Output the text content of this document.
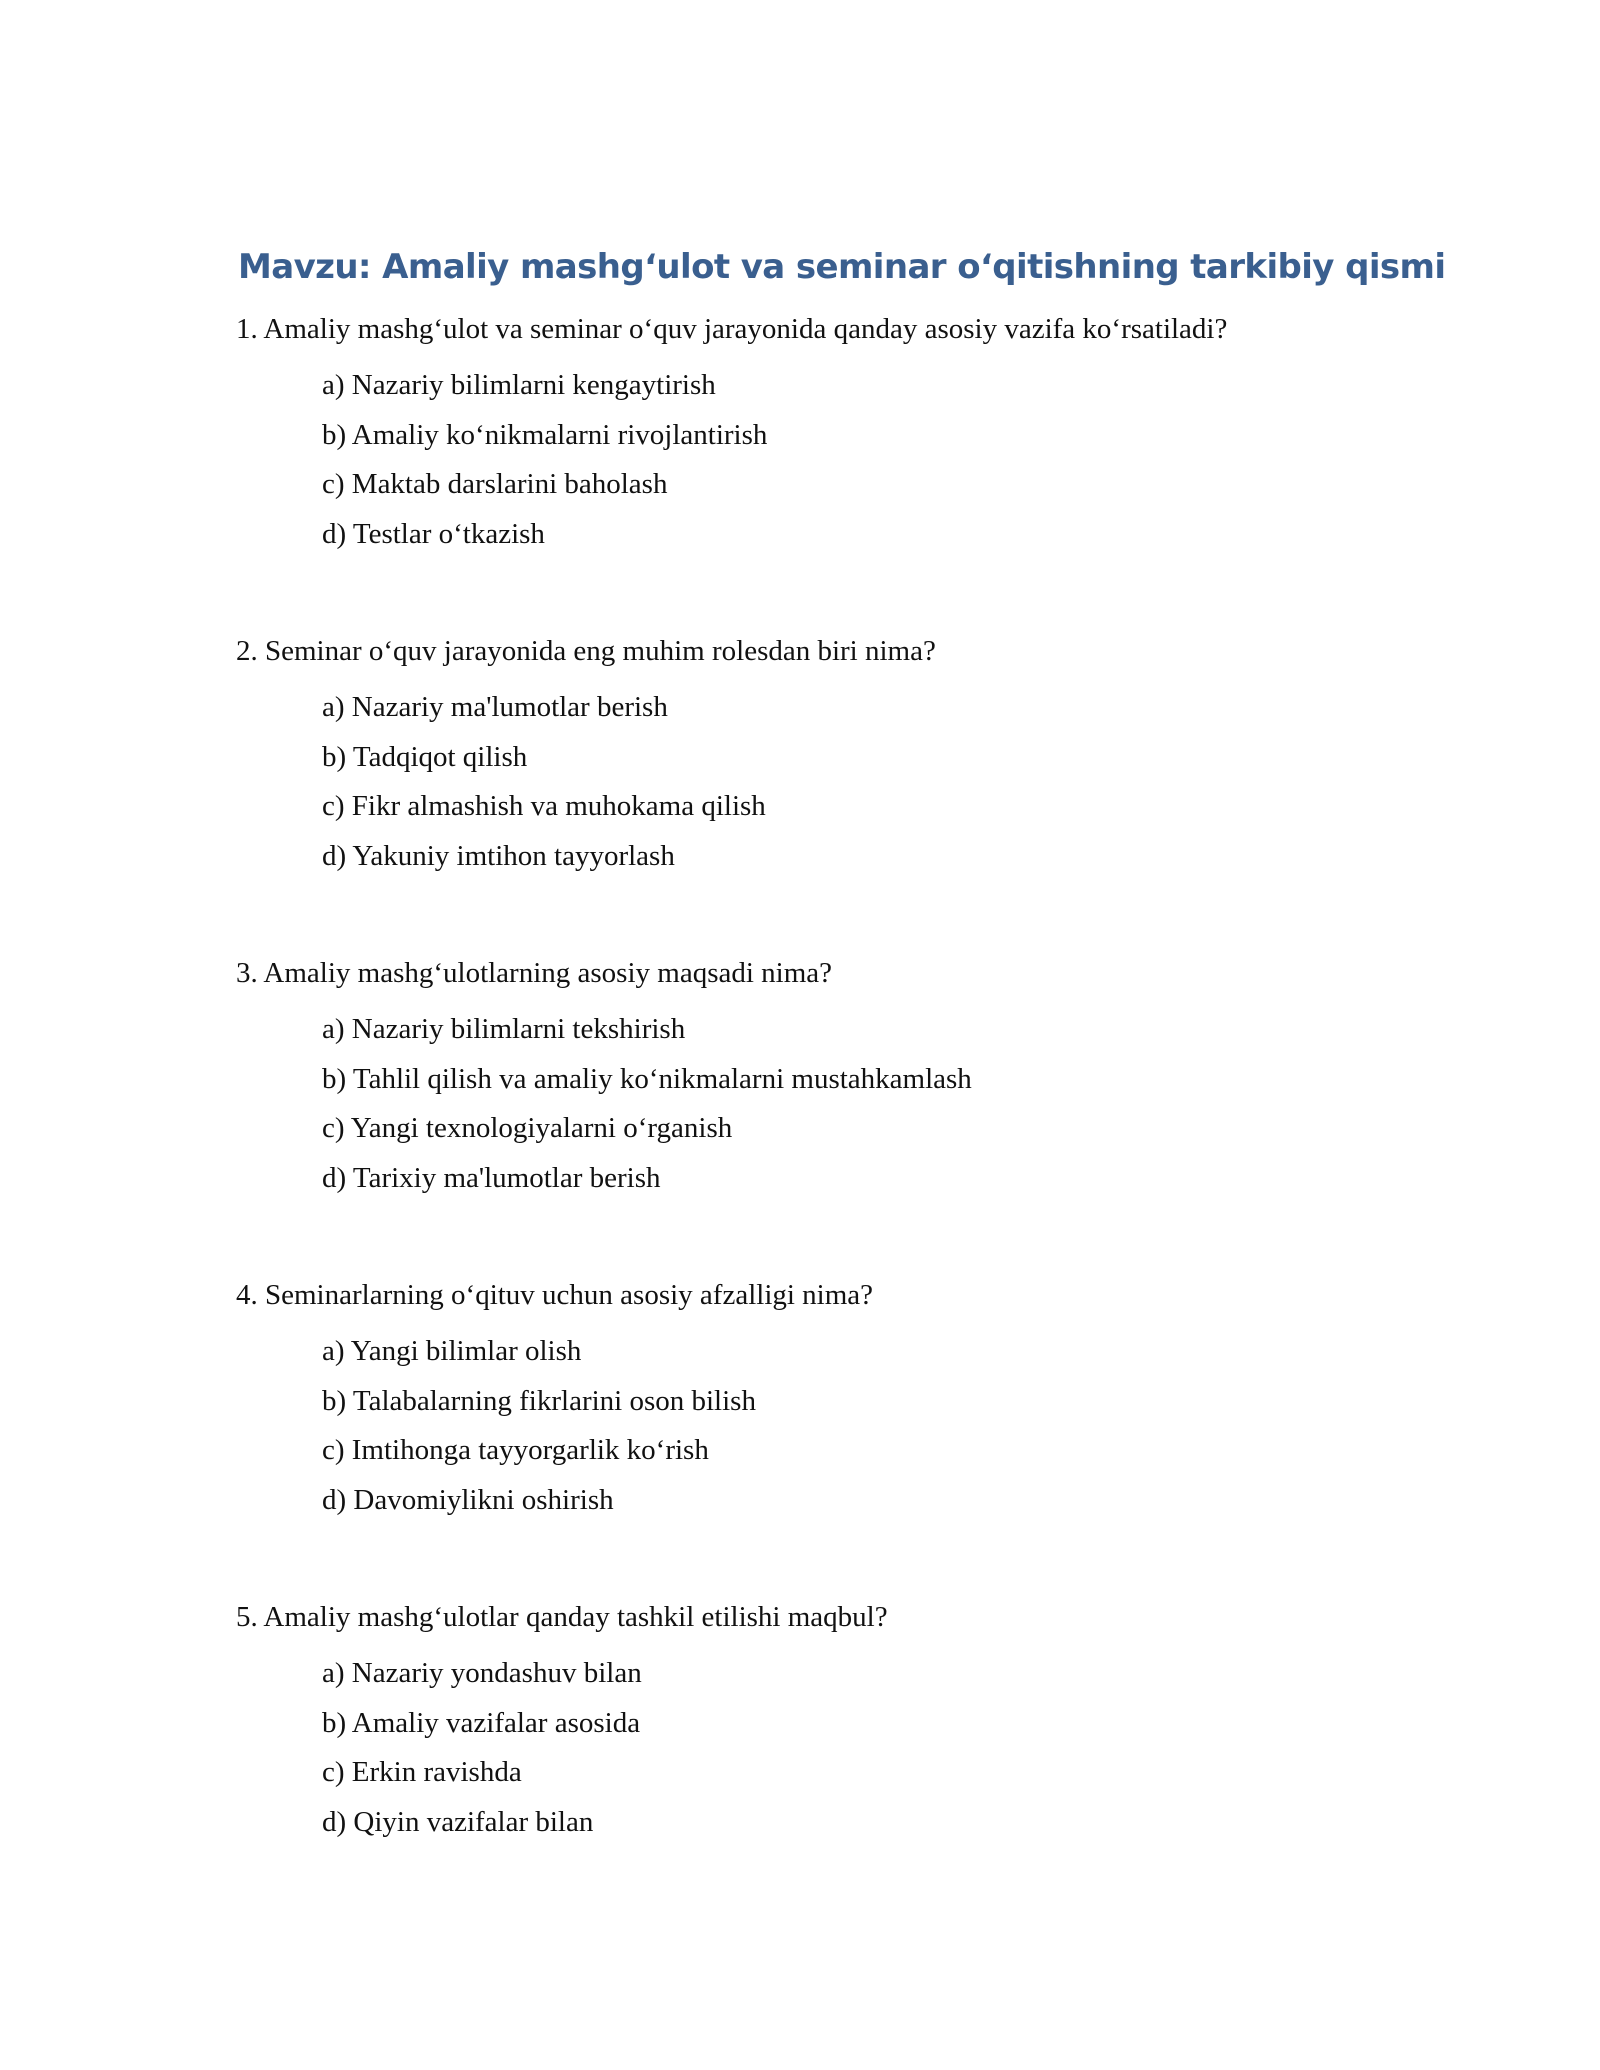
Mavzu: Amaliy mashg‘ulot va seminar o‘qitishning tarkibiy qismi

1. Amaliy mashg‘ulot va seminar o‘quv jarayonida qanday asosiy vazifa ko‘rsatiladi?

a) Nazariy bilimlarni kengaytirish
b) Amaliy ko‘nikmalarni rivojlantirish
c) Maktab darslarini baholash
d) Testlar o‘tkazish

2. Seminar o‘quv jarayonida eng muhim rolesdan biri nima?

a) Nazariy ma'lumotlar berish
b) Tadqiqot qilish
c) Fikr almashish va muhokama qilish
d) Yakuniy imtihon tayyorlash

3. Amaliy mashg‘ulotlarning asosiy maqsadi nima?

a) Nazariy bilimlarni tekshirish
b) Tahlil qilish va amaliy ko‘nikmalarni mustahkamlash
c) Yangi texnologiyalarni o‘rganish
d) Tarixiy ma'lumotlar berish

4. Seminarlarning o‘qituv uchun asosiy afzalligi nima?

a) Yangi bilimlar olish
b) Talabalarning fikrlarini oson bilish
c) Imtihonga tayyorgarlik ko‘rish
d) Davomiylikni oshirish

5. Amaliy mashg‘ulotlar qanday tashkil etilishi maqbul?

a) Nazariy yondashuv bilan
b) Amaliy vazifalar asosida
c) Erkin ravishda
d) Qiyin vazifalar bilan
